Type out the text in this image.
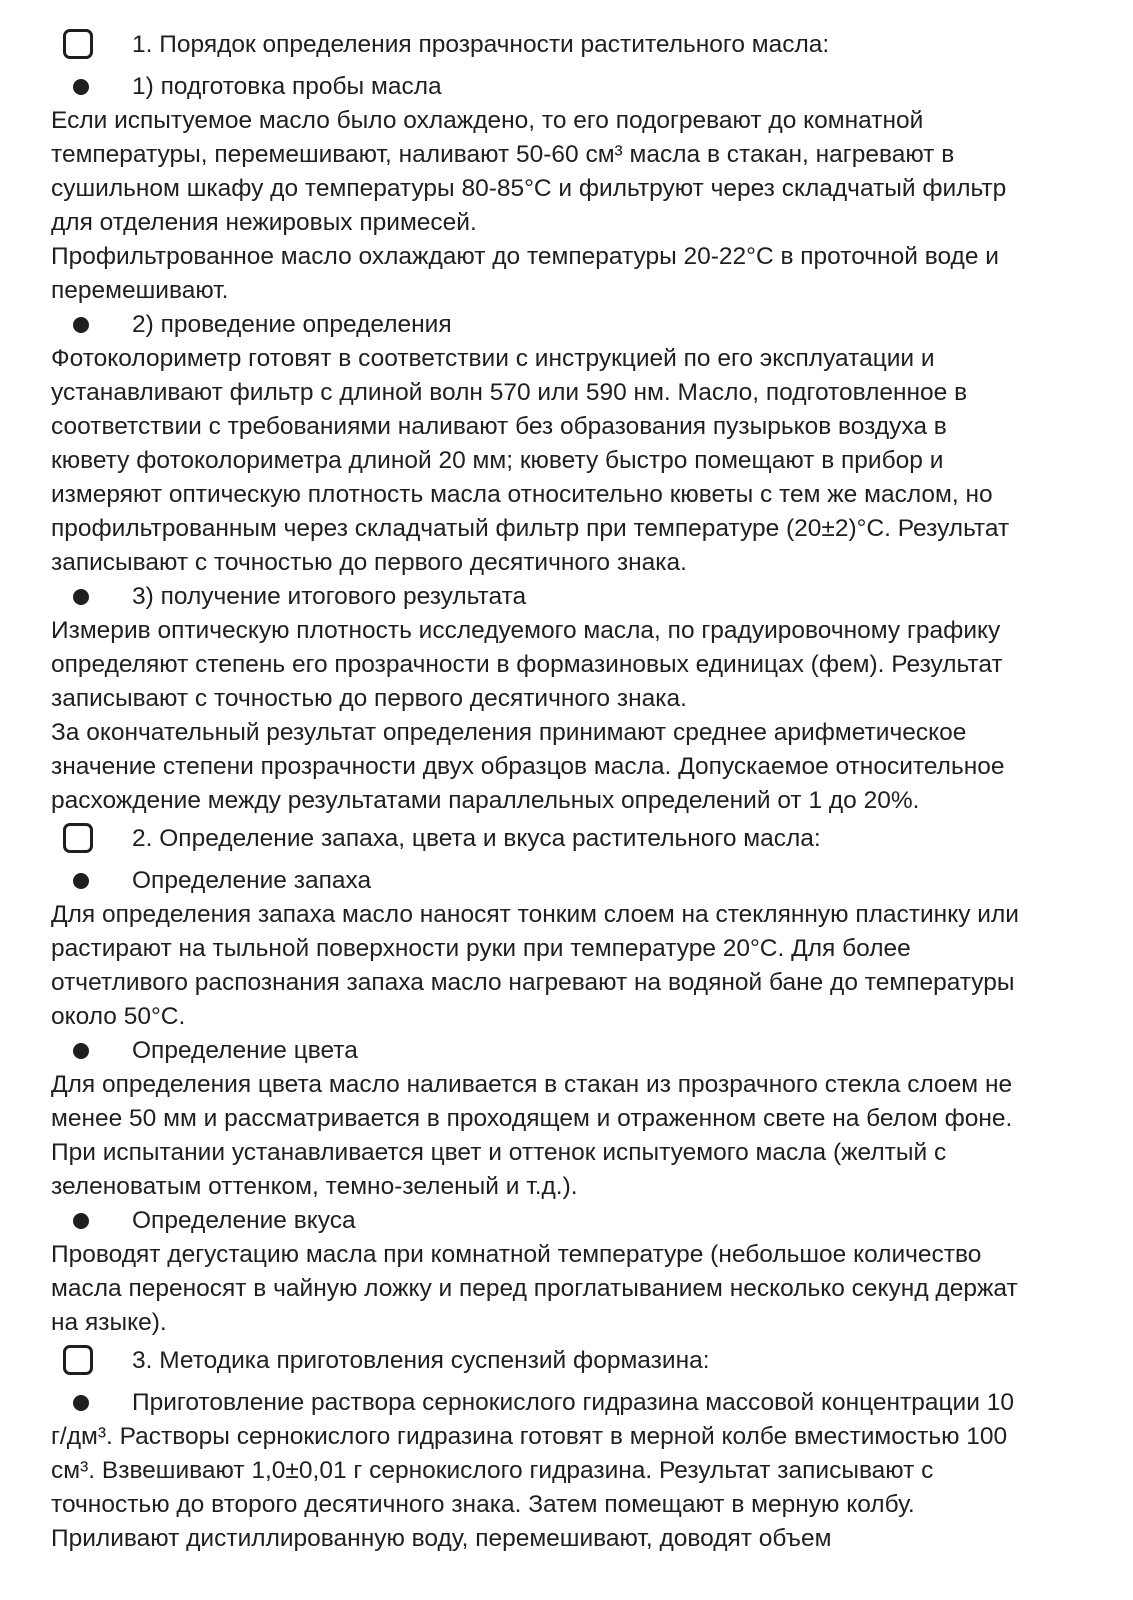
1. Порядок определения прозрачности растительного масла:
1) подготовка пробы масла

Если испытуемое масло было охлаждено, то его подогревают до комнатной

температуры, перемешивают, наливают 50-60 см³ масла в стакан, нагревают в

сушильном шкафу до температуры 80-85°С и фильтруют через складчатый фильтр

для отделения нежировых примесей.

Профильтрованное масло охлаждают до температуры 20-22°С в проточной воде и

перемешивают.

2) проведение определения

Фотоколориметр готовят в соответствии с инструкцией по его эксплуатации и

устанавливают фильтр с длиной волн 570 или 590 нм. Масло, подготовленное в

соответствии с требованиями наливают без образования пузырьков воздуха в

кювету фотоколориметра длиной 20 мм; кювету быстро помещают в прибор и

измеряют оптическую плотность масла относительно кюветы с тем же маслом, но

профильтрованным через складчатый фильтр при температуре (20±2)°С. Результат

записывают с точностью до первого десятичного знака.

3) получение итогового результата

Измерив оптическую плотность исследуемого масла, по градуировочному графику

определяют степень его прозрачности в формазиновых единицах (фем). Результат

записывают с точностью до первого десятичного знака.

За окончательный результат определения принимают среднее арифметическое

значение степени прозрачности двух образцов масла. Допускаемое относительное

расхождение между результатами параллельных определений от 1 до 20%.

2. Определение запаха, цвета и вкуса растительного масла:
Определение запаха

Для определения запаха масло наносят тонким слоем на стеклянную пластинку или

растирают на тыльной поверхности руки при температуре 20°С. Для более

отчетливого распознания запаха масло нагревают на водяной бане до температуры

около 50°С.

Определение цвета

Для определения цвета масло наливается в стакан из прозрачного стекла слоем не

менее 50 мм и рассматривается в проходящем и отраженном свете на белом фоне.

При испытании устанавливается цвет и оттенок испытуемого масла (желтый с

зеленоватым оттенком, темно-зеленый и т.д.).

Определение вкуса

Проводят дегустацию масла при комнатной температуре (небольшое количество

масла переносят в чайную ложку и перед проглатыванием несколько секунд держат

на языке).

3. Методика приготовления суспензий формазина:
Приготовление раствора сернокислого гидразина массовой концентрации 10

г/дм³. Растворы сернокислого гидразина готовят в мерной колбе вместимостью 100

см³. Взвешивают 1,0±0,01 г сернокислого гидразина. Результат записывают с

точностью до второго десятичного знака. Затем помещают в мерную колбу.

Приливают дистиллированную воду, перемешивают, доводят объем
